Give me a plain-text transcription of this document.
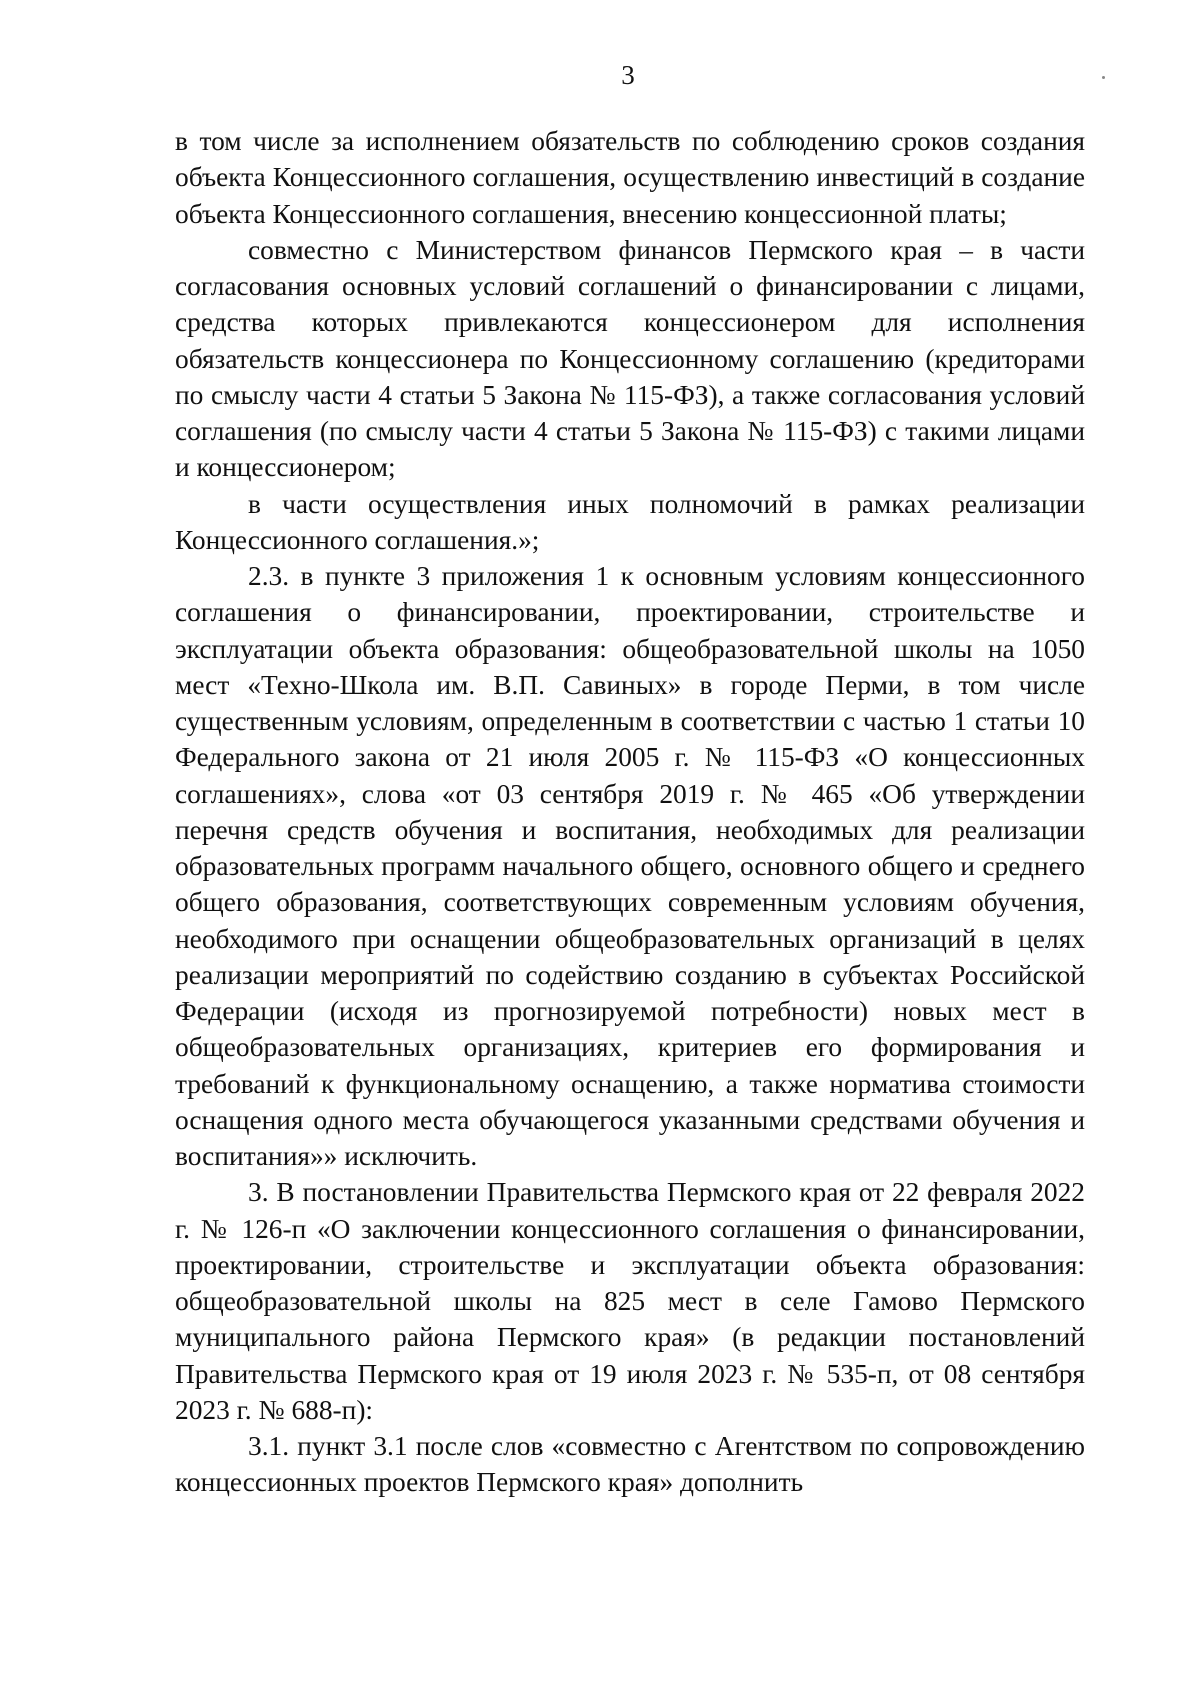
3

в том числе за исполнением обязательств по соблюдению сроков создания объекта Концессионного соглашения, осуществлению инвестиций в создание объекта Концессионного соглашения, внесению концессионной платы;

совместно с Министерством финансов Пермского края – в части согласования основных условий соглашений о финансировании с лицами, средства которых привлекаются концессионером для исполнения обязательств концессионера по Концессионному соглашению (кредиторами по смыслу части 4 статьи 5 Закона № 115-ФЗ), а также согласования условий соглашения (по смыслу части 4 статьи 5 Закона № 115-ФЗ) с такими лицами и концессионером;

в части осуществления иных полномочий в рамках реализации Концессионного соглашения.»;

2.3. в пункте 3 приложения 1 к основным условиям концессионного соглашения о финансировании, проектировании, строительстве и эксплуатации объекта образования: общеобразовательной школы на 1050 мест «Техно-Школа им. В.П. Савиных» в городе Перми, в том числе существенным условиям, определенным в соответствии с частью 1 статьи 10 Федерального закона от 21 июля 2005 г. № 115-ФЗ «О концессионных соглашениях», слова «от 03 сентября 2019 г. № 465 «Об утверждении перечня средств обучения и воспитания, необходимых для реализации образовательных программ начального общего, основного общего и среднего общего образования, соответствующих современным условиям обучения, необходимого при оснащении общеобразовательных организаций в целях реализации мероприятий по содействию созданию в субъектах Российской Федерации (исходя из прогнозируемой потребности) новых мест в общеобразовательных организациях, критериев его формирования и требований к функциональному оснащению, а также норматива стоимости оснащения одного места обучающегося указанными средствами обучения и воспитания»» исключить.

3. В постановлении Правительства Пермского края от 22 февраля 2022 г. № 126-п «О заключении концессионного соглашения о финансировании, проектировании, строительстве и эксплуатации объекта образования: общеобразовательной школы на 825 мест в селе Гамово Пермского муниципального района Пермского края» (в редакции постановлений Правительства Пермского края от 19 июля 2023 г. № 535-п, от 08 сентября 2023 г. № 688-п):

3.1. пункт 3.1 после слов «совместно с Агентством по сопровождению концессионных проектов Пермского края» дополнить
